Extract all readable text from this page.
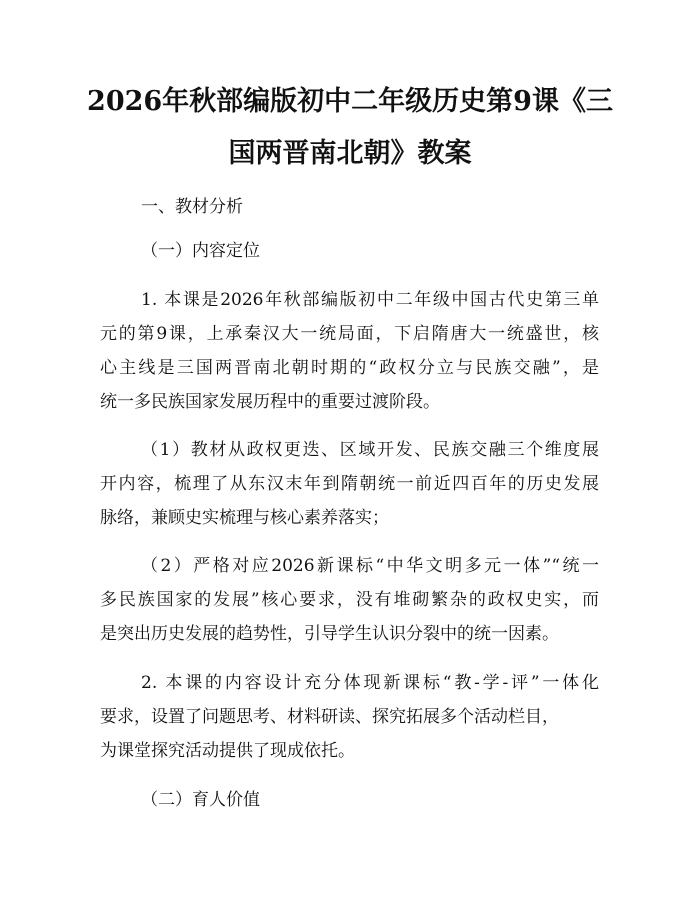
2026年秋部编版初中二年级历史第9课《三
国两晋南北朝》教案

一、教材分析

（一）内容定位

1. 本课是2026年秋部编版初中二年级中国古代史第三单

元的第9课，上承秦汉大一统局面，下启隋唐大一统盛世，核

心主线是三国两晋南北朝时期的“政权分立与民族交融”，是

统一多民族国家发展历程中的重要过渡阶段。

（1）教材从政权更迭、区域开发、民族交融三个维度展

开内容，梳理了从东汉末年到隋朝统一前近四百年的历史发展

脉络，兼顾史实梳理与核心素养落实；

（2）严格对应2026新课标“中华文明多元一体”“统一

多民族国家的发展”核心要求，没有堆砌繁杂的政权史实，而

是突出历史发展的趋势性，引导学生认识分裂中的统一因素。

2. 本课的内容设计充分体现新课标“教-学-评”一体化

要求，设置了问题思考、材料研读、探究拓展多个活动栏目，

为课堂探究活动提供了现成依托。

（二）育人价值
